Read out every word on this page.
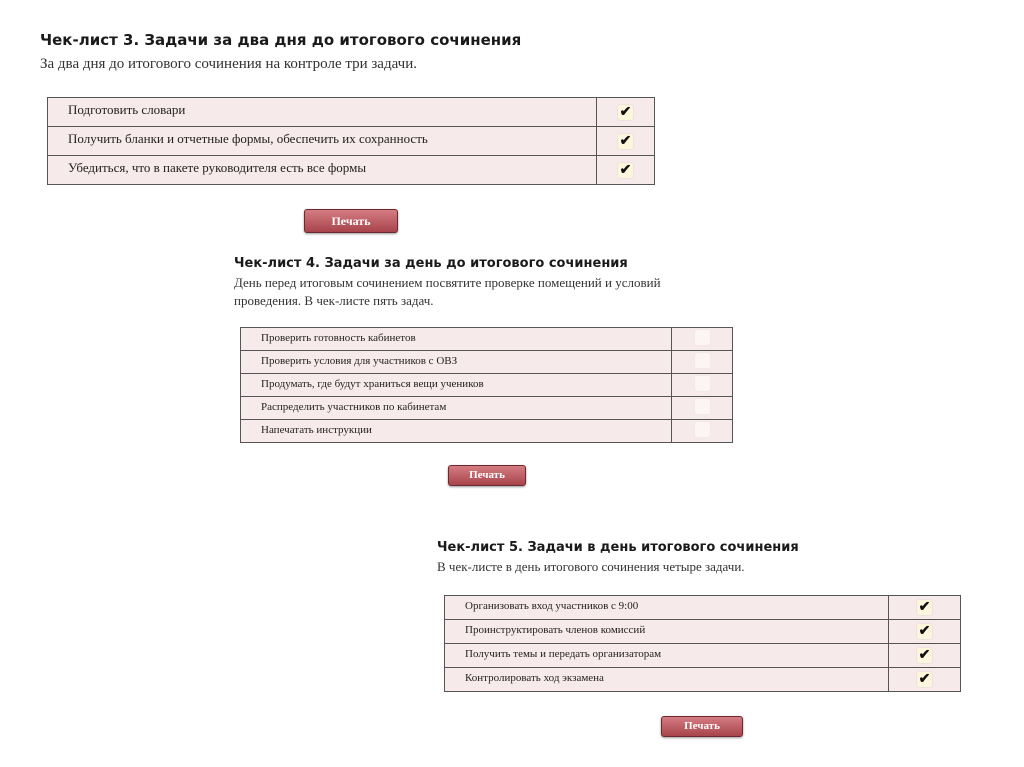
Чек-лист 3. Задачи за два дня до итогового сочинения
За два дня до итогового сочинения на контроле три задачи.
Подготовить словари	✔
Получить бланки и отчетные формы, обеспечить их сохранность	✔
Убедиться, что в пакете руководителя есть все формы	✔
Печать
Чек-лист 4. Задачи за день до итогового сочинения
День перед итоговым сочинением посвятите проверке помещений и условий
проведения. В чек-листе пять задач.
Проверить готовность кабинетов	
Проверить условия для участников с ОВЗ	
Продумать, где будут храниться вещи учеников	
Распределить участников по кабинетам	
Напечатать инструкции	
Печать
Чек-лист 5. Задачи в день итогового сочинения
В чек-листе в день итогового сочинения четыре задачи.
Организовать вход участников с 9:00	✔
Проинструктировать членов комиссий	✔
Получить темы и передать организаторам	✔
Контролировать ход экзамена	✔
Печать
